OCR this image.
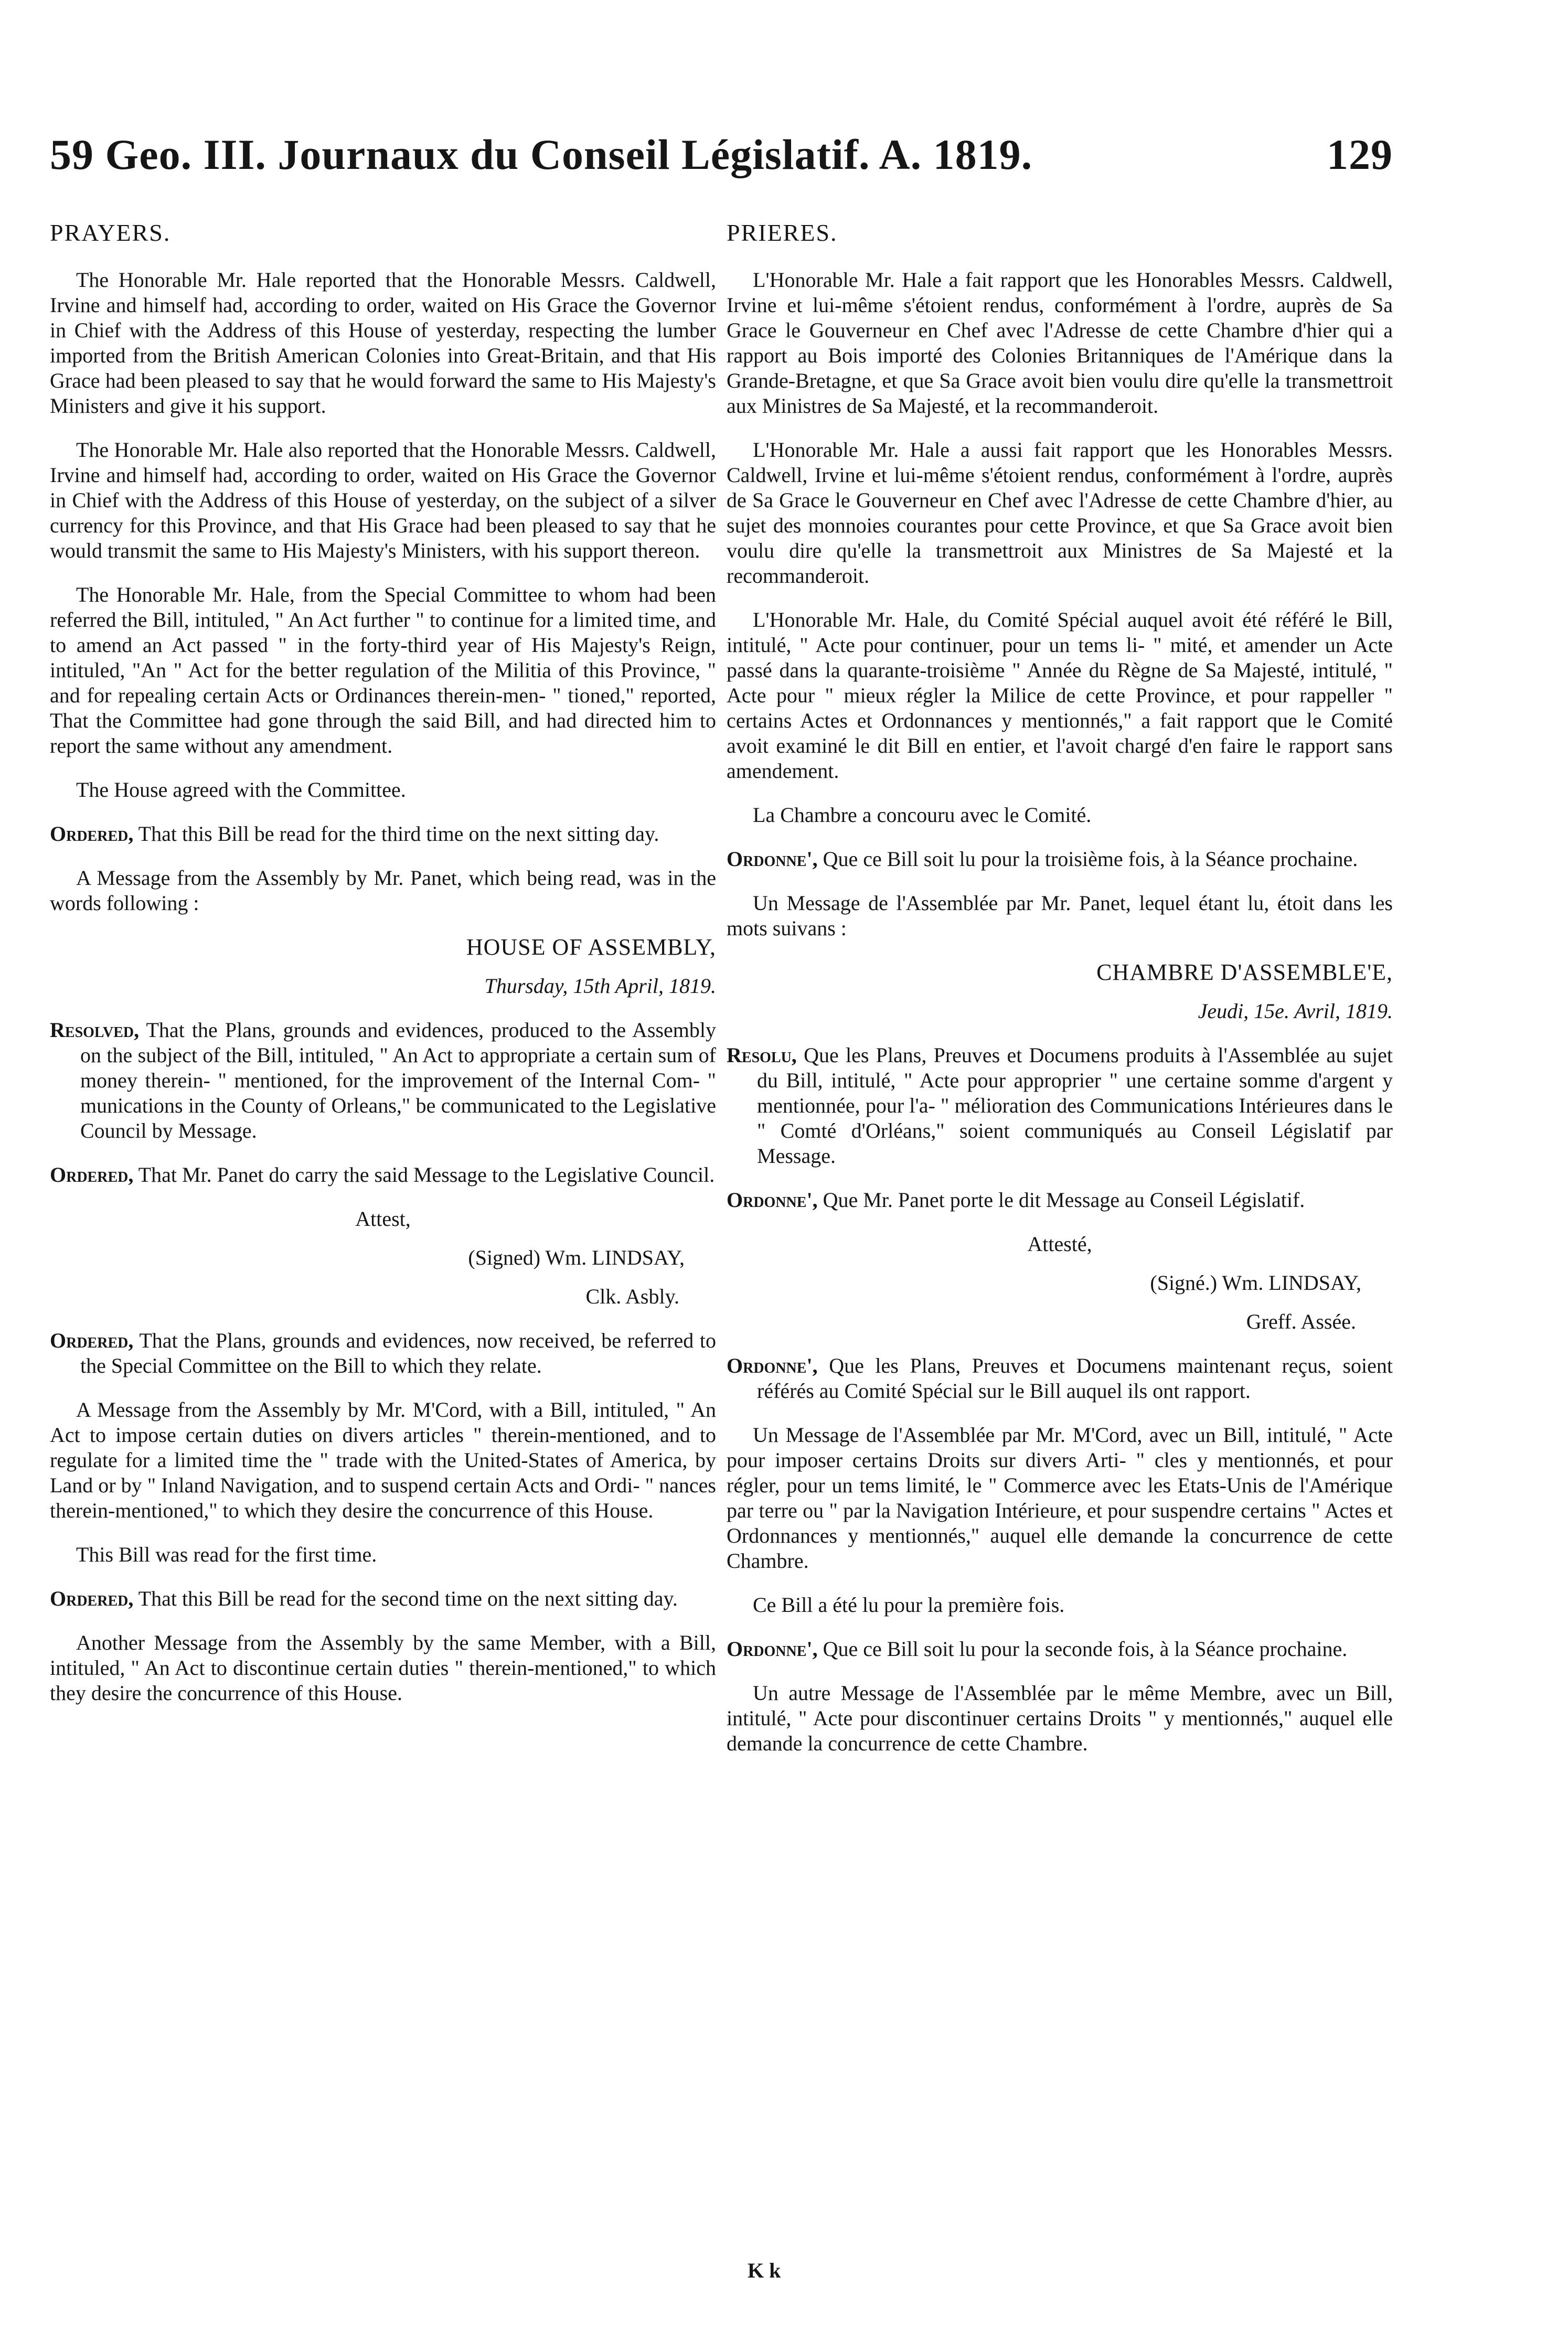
59 Geo. III. Journaux du Conseil Législatif. A. 1819.	129
PRAYERS.

The Honorable Mr. Hale reported that the Honorable Messrs. Caldwell, Irvine and himself had, according to order, waited on His Grace the Governor in Chief with the Address of this House of yesterday, respecting the lumber imported from the British American Colonies into Great-Britain, and that His Grace had been pleased to say that he would forward the same to His Majesty's Ministers and give it his support.

The Honorable Mr. Hale also reported that the Honorable Messrs. Caldwell, Irvine and himself had, according to order, waited on His Grace the Governor in Chief with the Address of this House of yesterday, on the subject of a silver currency for this Province, and that His Grace had been pleased to say that he would transmit the same to His Majesty's Ministers, with his support thereon.

The Honorable Mr. Hale, from the Special Committee to whom had been referred the Bill, intituled, " An Act further " to continue for a limited time, and to amend an Act passed " in the forty-third year of His Majesty's Reign, intituled, "An " Act for the better regulation of the Militia of this Province, " and for repealing certain Acts or Ordinances therein-men- " tioned," reported, That the Committee had gone through the said Bill, and had directed him to report the same without any amendment.

The House agreed with the Committee.

Ordered, That this Bill be read for the third time on the next sitting day.

A Message from the Assembly by Mr. Panet, which being read, was in the words following :

HOUSE OF ASSEMBLY,

Thursday, 15th April, 1819.

Resolved, That the Plans, grounds and evidences, produced to the Assembly on the subject of the Bill, intituled, " An Act to appropriate a certain sum of money therein- " mentioned, for the improvement of the Internal Com- " munications in the County of Orleans," be communicated to the Legislative Council by Message.

Ordered, That Mr. Panet do carry the said Message to the Legislative Council.

Attest,

(Signed) Wm. LINDSAY,

Clk. Asbly.

Ordered, That the Plans, grounds and evidences, now received, be referred to the Special Committee on the Bill to which they relate.

A Message from the Assembly by Mr. M'Cord, with a Bill, intituled, " An Act to impose certain duties on divers articles " therein-mentioned, and to regulate for a limited time the " trade with the United-States of America, by Land or by " Inland Navigation, and to suspend certain Acts and Ordi- " nances therein-mentioned," to which they desire the concurrence of this House.

This Bill was read for the first time.

Ordered, That this Bill be read for the second time on the next sitting day.

Another Message from the Assembly by the same Member, with a Bill, intituled, " An Act to discontinue certain duties " therein-mentioned," to which they desire the concurrence of this House.

PRIERES.

L'Honorable Mr. Hale a fait rapport que les Honorables Messrs. Caldwell, Irvine et lui-même s'étoient rendus, conformément à l'ordre, auprès de Sa Grace le Gouverneur en Chef avec l'Adresse de cette Chambre d'hier qui a rapport au Bois importé des Colonies Britanniques de l'Amérique dans la Grande-Bretagne, et que Sa Grace avoit bien voulu dire qu'elle la transmettroit aux Ministres de Sa Majesté, et la recommanderoit.

L'Honorable Mr. Hale a aussi fait rapport que les Honorables Messrs. Caldwell, Irvine et lui-même s'étoient rendus, conformément à l'ordre, auprès de Sa Grace le Gouverneur en Chef avec l'Adresse de cette Chambre d'hier, au sujet des monnoies courantes pour cette Province, et que Sa Grace avoit bien voulu dire qu'elle la transmettroit aux Ministres de Sa Majesté et la recommanderoit.

L'Honorable Mr. Hale, du Comité Spécial auquel avoit été référé le Bill, intitulé, " Acte pour continuer, pour un tems li- " mité, et amender un Acte passé dans la quarante-troisième " Année du Règne de Sa Majesté, intitulé, " Acte pour " mieux régler la Milice de cette Province, et pour rappeller " certains Actes et Ordonnances y mentionnés," a fait rapport que le Comité avoit examiné le dit Bill en entier, et l'avoit chargé d'en faire le rapport sans amendement.

La Chambre a concouru avec le Comité.

Ordonne', Que ce Bill soit lu pour la troisième fois, à la Séance prochaine.

Un Message de l'Assemblée par Mr. Panet, lequel étant lu, étoit dans les mots suivans :

CHAMBRE D'ASSEMBLE'E,

Jeudi, 15e. Avril, 1819.

Resolu, Que les Plans, Preuves et Documens produits à l'Assemblée au sujet du Bill, intitulé, " Acte pour approprier " une certaine somme d'argent y mentionnée, pour l'a- " mélioration des Communications Intérieures dans le " Comté d'Orléans," soient communiqués au Conseil Législatif par Message.

Ordonne', Que Mr. Panet porte le dit Message au Conseil Législatif.

Attesté,

(Signé.) Wm. LINDSAY,

Greff. Assée.

Ordonne', Que les Plans, Preuves et Documens maintenant reçus, soient référés au Comité Spécial sur le Bill auquel ils ont rapport.

Un Message de l'Assemblée par Mr. M'Cord, avec un Bill, intitulé, " Acte pour imposer certains Droits sur divers Arti- " cles y mentionnés, et pour régler, pour un tems limité, le " Commerce avec les Etats-Unis de l'Amérique par terre ou " par la Navigation Intérieure, et pour suspendre certains " Actes et Ordonnances y mentionnés," auquel elle demande la concurrence de cette Chambre.

Ce Bill a été lu pour la première fois.

Ordonne', Que ce Bill soit lu pour la seconde fois, à la Séance prochaine.

Un autre Message de l'Assemblée par le même Membre, avec un Bill, intitulé, " Acte pour discontinuer certains Droits " y mentionnés," auquel elle demande la concurrence de cette Chambre.

K k
